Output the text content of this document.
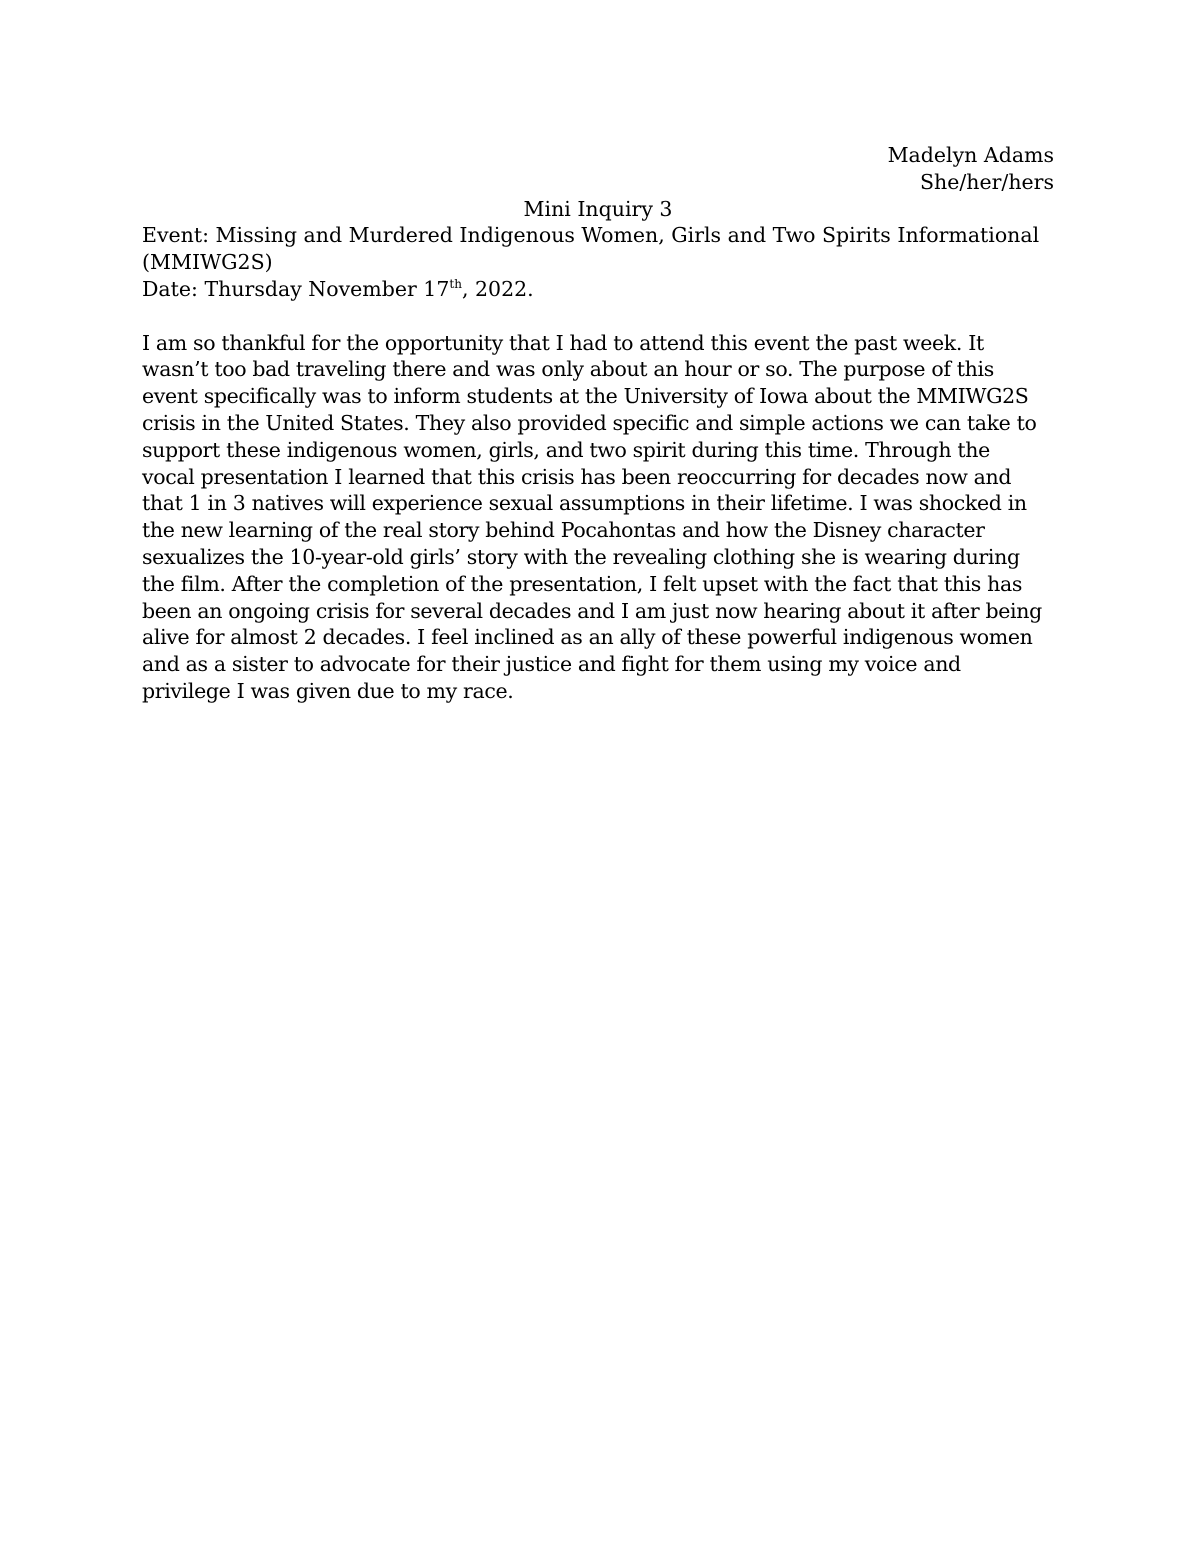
Madelyn Adams
She/her/hers
Mini Inquiry 3
Event: Missing and Murdered Indigenous Women, Girls and Two Spirits Informational
(MMIWG2S)
Date: Thursday November 17th, 2022.
I am so thankful for the opportunity that I had to attend this event the past week. It
wasn’t too bad traveling there and was only about an hour or so. The purpose of this
event specifically was to inform students at the University of Iowa about the MMIWG2S
crisis in the United States. They also provided specific and simple actions we can take to
support these indigenous women, girls, and two spirit during this time. Through the
vocal presentation I learned that this crisis has been reoccurring for decades now and
that 1 in 3 natives will experience sexual assumptions in their lifetime. I was shocked in
the new learning of the real story behind Pocahontas and how the Disney character
sexualizes the 10-year-old girls’ story with the revealing clothing she is wearing during
the film. After the completion of the presentation, I felt upset with the fact that this has
been an ongoing crisis for several decades and I am just now hearing about it after being
alive for almost 2 decades. I feel inclined as an ally of these powerful indigenous women
and as a sister to advocate for their justice and fight for them using my voice and
privilege I was given due to my race.
